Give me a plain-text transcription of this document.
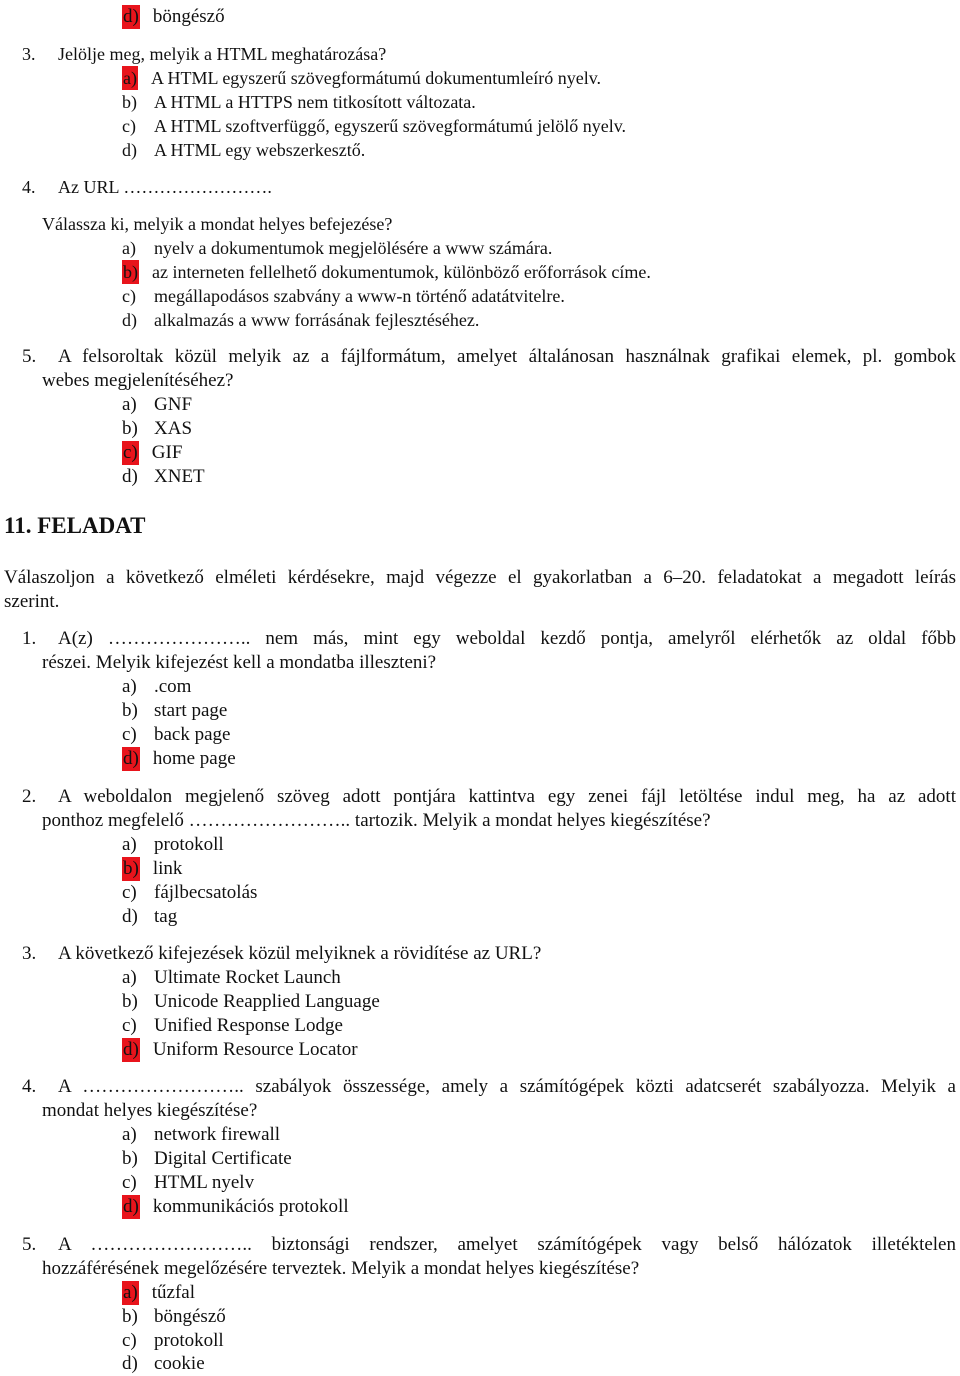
d) böngésző
3. Jelölje meg, melyik a HTML meghatározása?
a) A HTML egyszerű szövegformátumú dokumentumleíró nyelv.
b) A HTML a HTTPS nem titkosított változata.
c) A HTML szoftverfüggő, egyszerű szövegformátumú jelölő nyelv.
d) A HTML egy webszerkesztő.
4. Az URL …………………….
Válassza ki, melyik a mondat helyes befejezése?
a) nyelv a dokumentumok megjelölésére a www számára.
b) az interneten fellelhető dokumentumok, különböző erőforrások címe.
c) megállapodásos szabvány a www-n történő adatátvitelre.
d) alkalmazás a www forrásának fejlesztéséhez.
5. A felsoroltak közül melyik az a fájlformátum, amelyet általánosan használnak grafikai elemek, pl. gombok
webes megjelenítéséhez?
a) GNF
b) XAS
c) GIF
d) XNET
11. FELADAT
Válaszoljon a következő elméleti kérdésekre, majd végezze el gyakorlatban a 6–20. feladatokat a megadott leírás
szerint.
1. A(z) ………………….. nem más, mint egy weboldal kezdő pontja, amelyről elérhetők az oldal főbb
részei. Melyik kifejezést kell a mondatba illeszteni?
a) .com
b) start page
c) back page
d) home page
2. A weboldalon megjelenő szöveg adott pontjára kattintva egy zenei fájl letöltése indul meg, ha az adott
ponthoz megfelelő …………………….. tartozik. Melyik a mondat helyes kiegészítése?
a) protokoll
b) link
c) fájlbecsatolás
d) tag
3. A következő kifejezések közül melyiknek a rövidítése az URL?
a) Ultimate Rocket Launch
b) Unicode Reapplied Language
c) Unified Response Lodge
d) Uniform Resource Locator
4. A …………………….. szabályok összessége, amely a számítógépek közti adatcserét szabályozza. Melyik a
mondat helyes kiegészítése?
a) network firewall
b) Digital Certificate
c) HTML nyelv
d) kommunikációs protokoll
5. A …………………….. biztonsági rendszer, amelyet számítógépek vagy belső hálózatok illetéktelen
hozzáférésének megelőzésére terveztek. Melyik a mondat helyes kiegészítése?
a) tűzfal
b) böngésző
c) protokoll
d) cookie
